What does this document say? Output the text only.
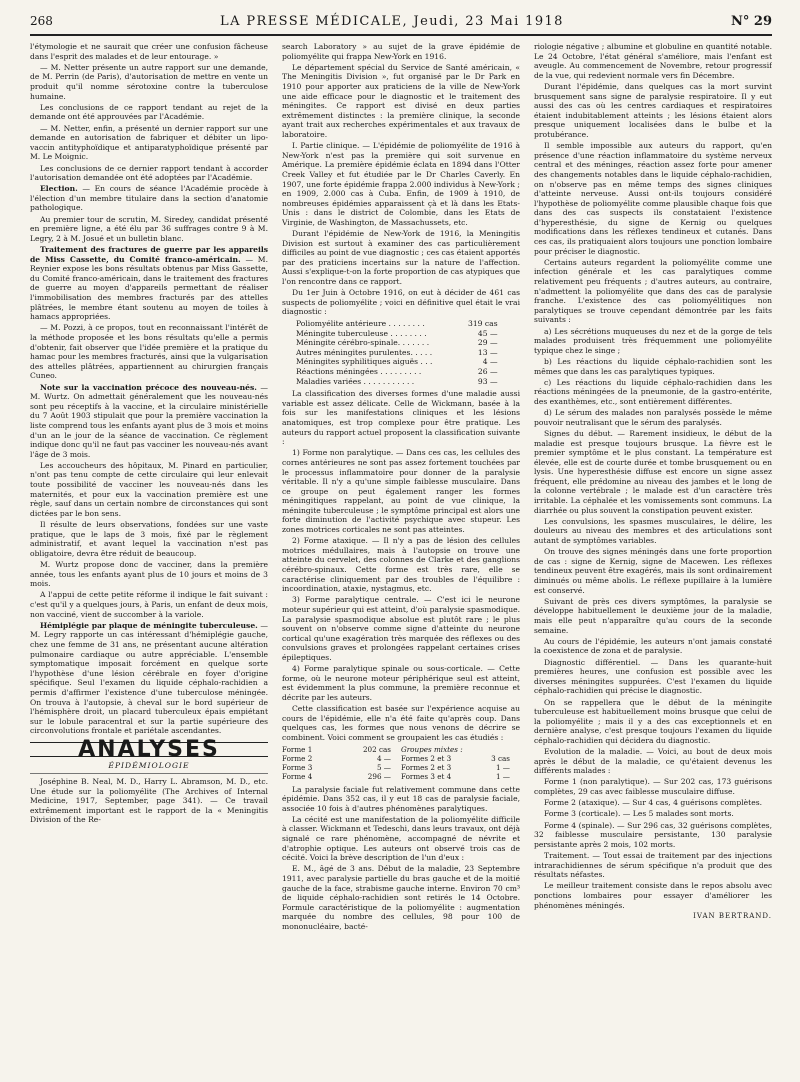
268	LA PRESSE MÉDICALE, Jeudi, 23 Mai 1918	N° 29

l'étymologie et ne saurait que créer une confusion fâcheuse dans l'esprit des malades et de leur entourage. »

— M. Netter présente un autre rapport sur une demande, de M. Perrin (de Paris), d'autorisation de mettre en vente un produit qu'il nomme sérotoxine contre la tuberculose humaine.

Les conclusions de ce rapport tendant au rejet de la demande ont été approuvées par l'Académie.

— M. Netter, enfin, a présenté un dernier rapport sur une demande en autorisation de fabriquer et débiter un lipo-vaccin antityphoïdique et antiparatyphoïdique présenté par M. Le Moignic.

Les conclusions de ce dernier rapport tendant à accorder l'autorisation demandée ont été adoptées par l'Académie.

Election. — En cours de séance l'Académie procède à l'élection d'un membre titulaire dans la section d'anatomie pathologique.

Au premier tour de scrutin, M. Siredey, candidat présenté en première ligne, a été élu par 36 suffrages contre 9 à M. Legry, 2 à M. Josué et un bulletin blanc.

Traitement des fractures de guerre par les appareils de Miss Cassette, du Comité franco-américain. — M. Reynier expose les bons résultats obtenus par Miss Gassette, du Comité franco-américain, dans le traitement des fractures de guerre au moyen d'appareils permettant de réaliser l'immobilisation des membres fracturés par des attelles plâtrées, le membre étant soutenu au moyen de toiles à hamacs appropriées.

— M. Pozzi, à ce propos, tout en reconnaissant l'intérêt de la méthode proposée et les bons résultats qu'elle a permis d'obtenir, fait observer que l'idée première et la pratique du hamac pour les membres fracturés, ainsi que la vulgarisation des attelles plâtrées, appartiennent au chirurgien français Cuneo.

Note sur la vaccination précoce des nouveau-nés. — M. Wurtz. On admettait généralement que les nouveau-nés sont peu réceptifs à la vaccine, et la circulaire ministérielle du 7 Août 1903 stipulait que pour la première vaccination la liste comprend tous les enfants ayant plus de 3 mois et moins d'un an le jour de la séance de vaccination. Ce règlement indique donc qu'il ne faut pas vacciner les nouveau-nés avant l'âge de 3 mois.

Les accoucheurs des hôpitaux, M. Pinard en particulier, n'ont pas tenu compte de cette circulaire qui leur enlevait toute possibilité de vacciner les nouveau-nés dans les maternités, et pour eux la vaccination première est une règle, sauf dans un certain nombre de circonstances qui sont dictées par le bon sens.

Il résulte de leurs observations, fondées sur une vaste pratique, que le laps de 3 mois, fixé par le règlement administratif, et avant lequel la vaccination n'est pas obligatoire, devra être réduit de beaucoup.

M. Wurtz propose donc de vacciner, dans la première année, tous les enfants ayant plus de 10 jours et moins de 3 mois.

A l'appui de cette petite réforme il indique le fait suivant : c'est qu'il y a quelques jours, à Paris, un enfant de deux mois, non vacciné, vient de succomber à la variole.

Hémiplégie par plaque de méningite tuberculeuse. — M. Legry rapporte un cas intéressant d'hémiplégie gauche, chez une femme de 31 ans, ne présentant aucune altération pulmonaire cardiaque ou autre appréciable. L'ensemble symptomatique imposait forcément en quelque sorte l'hypothèse d'une lésion cérébrale en foyer d'origine spécifique. Seul l'examen du liquide céphalo-rachidien a permis d'affirmer l'existence d'une tuberculose méningée. On trouva à l'autopsie, à cheval sur le bord supérieur de l'hémisphère droit, un placard tuberculeux épais empiétant sur le lobule paracentral et sur la partie supérieure des circonvolutions frontale et pariétale ascendantes.

ANALYSES
ÉPIDÉMIOLOGIE

Joséphine B. Neal, M. D., Harry L. Abramson, M. D., etc. Une étude sur la poliomyélite (The Archives of Internal Medicine, 1917, September, page 341). — Ce travail extrêmement important est le rapport de la « Meningitis Division of the Re-

search Laboratory » au sujet de la grave épidémie de poliomyélite qui frappa New-York en 1916.

Le département spécial du Service de Santé américain, « The Meningitis Division », fut organisé par le Dr Park en 1910 pour apporter aux praticiens de la ville de New-York une aide efficace pour le diagnostic et le traitement des méningites. Ce rapport est divisé en deux parties extrêmement distinctes : la première clinique, la seconde ayant trait aux recherches expérimentales et aux travaux de laboratoire.

I. Partie clinique. — L'épidémie de poliomyélite de 1916 à New-York n'est pas la première qui soit survenue en Amérique. La première épidémie éclata en 1894 dans l'Otter Creek Valley et fut étudiée par le Dr Charles Caverly. En 1907, une forte épidémie frappa 2.000 individus à New-York ; en 1909, 2.000 cas à Cuba. Enfin, de 1909 à 1910, de nombreuses épidémies apparaissent çà et là dans les Etats-Unis : dans le district de Colombie, dans les Etats de Virginie, de Washington, de Massachussets, etc.

Durant l'épidémie de New-York de 1916, la Meningitis Division est surtout à examiner des cas particulièrement difficiles au point de vue diagnostic ; ces cas étaient apportés par des praticiens incertains sur la nature de l'affection. Aussi s'explique-t-on la forte proportion de cas atypiques que l'on rencontre dans ce rapport.

Du 1er Juin à Octobre 1916, on eut à décider de 461 cas suspects de poliomyélite ; voici en définitive quel était le vrai diagnostic :

Poliomyélite antérieure . . . . . . . .	319 cas
Méningite tuberculeuse . . . . . . . .	45 —
Méningite cérébro-spinale. . . . . . .	29 —
Autres méningites purulentes. . . . .	13 —
Méningites syphilitiques aiguës . . .	4 —
Réactions méningées . . . . . . . . .	26 —
Maladies variées . . . . . . . . . . .	93 —

La classification des diverses formes d'une maladie aussi variable est assez délicate. Celle de Wickmann, basée à la fois sur les manifestations cliniques et les lésions anatomiques, est trop complexe pour être pratique. Les auteurs du rapport actuel proposent la classification suivante :

1) Forme non paralytique. — Dans ces cas, les cellules des cornes antérieures ne sont pas assez fortement touchées par le processus inflammatoire pour donner de la paralysie véritable. Il n'y a qu'une simple faiblesse musculaire. Dans ce groupe on peut également ranger les formes méningitiques rappelant, au point de vue clinique, la méningite tuberculeuse ; le symptôme principal est alors une forte diminution de l'activité psychique avec stupeur. Les zones motrices corticales ne sont pas atteintes.

2) Forme ataxique. — Il n'y a pas de lésion des cellules motrices médullaires, mais à l'autopsie on trouve une atteinte du cervelet, des colonnes de Clarke et des ganglions cérébro-spinaux. Cette forme est très rare, elle se caractérise cliniquement par des troubles de l'équilibre : incoordination, ataxie, nystagmus, etc.

3) Forme paralytique centrale. — C'est ici le neurone moteur supérieur qui est atteint, d'où paralysie spasmodique. La paralysie spasmodique absolue est plutôt rare ; le plus souvent on n'observe comme signe d'atteinte du neurone cortical qu'une exagération très marquée des réflexes ou des convulsions graves et prolongées rappelant certaines crises épileptiques.

4) Forme paralytique spinale ou sous-corticale. — Cette forme, où le neurone moteur périphérique seul est atteint, est évidemment la plus commune, la première reconnue et décrite par les auteurs.

Cette classification est basée sur l'expérience acquise au cours de l'épidémie, elle n'a été faite qu'après coup. Dans quelques cas, les formes que nous venons de décrire se combinent. Voici comment se groupaient les cas étudiés :

Forme 1	202 cas
Forme 2	4 —
Forme 3	5 —
Forme 4	296 —
Groupes mixtes :
Formes 2 et 3	3 cas
Formes 2 et 3	1 —
Formes 3 et 4	1 —

La paralysie faciale fut relativement commune dans cette épidémie. Dans 352 cas, il y eut 18 cas de paralysie faciale, associée 10 fois à d'autres phénomènes paralytiques.

La cécité est une manifestation de la poliomyélite difficile à classer. Wickmann et Tedeschi, dans leurs travaux, ont déjà signalé ce rare phénomène, accompagné de névrite et d'atrophie optique. Les auteurs ont observé trois cas de cécité. Voici la brève description de l'un d'eux :

E. M., âgé de 3 ans. Début de la maladie, 23 Septembre 1911, avec paralysie partielle du bras gauche et de la moitié gauche de la face, strabisme gauche interne. Environ 70 cm³ de liquide céphalo-rachidien sont retirés le 14 Octobre. Formule caractéristique de la poliomyélite : augmentation marquée du nombre des cellules, 98 pour 100 de mononucléaire, bacté-

riologie négative ; albumine et globuline en quantité notable. Le 24 Octobre, l'état général s'améliore, mais l'enfant est aveugle. Au commencement de Novembre, retour progressif de la vue, qui redevient normale vers fin Décembre.

Durant l'épidémie, dans quelques cas la mort survint brusquement sans signe de paralysie respiratoire. Il y eut aussi des cas où les centres cardiaques et respiratoires étaient indubitablement atteints ; les lésions étaient alors presque uniquement localisées dans le bulbe et la protubérance.

Il semble impossible aux auteurs du rapport, qu'en présence d'une réaction inflammatoire du système nerveux central et des méninges, réaction assez forte pour amener des changements notables dans le liquide céphalo-rachidien, on n'observe pas en même temps des signes cliniques d'atteinte nerveuse. Aussi ont-ils toujours considéré l'hypothèse de poliomyélite comme plausible chaque fois que dans des cas suspects ils constataient l'existence d'hyperesthésie, du signe de Kernig ou quelques modifications dans les réflexes tendineux et cutanés. Dans ces cas, ils pratiquaient alors toujours une ponction lombaire pour préciser le diagnostic.

Certains auteurs regardent la poliomyélite comme une infection générale et les cas paralytiques comme relativement peu fréquents ; d'autres auteurs, au contraire, n'admettent la poliomyélite que dans des cas de paralysie franche. L'existence des cas poliomyélitiques non paralytiques se trouve cependant démontrée par les faits suivants :

a) Les sécrétions muqueuses du nez et de la gorge de tels malades produisent très fréquemment une poliomyélite typique chez le singe ;

b) Les réactions du liquide céphalo-rachidien sont les mêmes que dans les cas paralytiques typiques.

c) Les réactions du liquide céphalo-rachidien dans les réactions méningées de la pneumonie, de la gastro-entérite, des exanthèmes, etc., sont entièrement différentes.

d) Le sérum des malades non paralysés possède le même pouvoir neutralisant que le sérum des paralysés.

Signes du début. — Rarement insidieux, le début de la maladie est presque toujours brusque. La fièvre est le premier symptôme et le plus constant. La température est élevée, elle est de courte durée et tombe brusquement ou en lysis. Une hyperesthésie diffuse est encore un signe assez fréquent, elle prédomine au niveau des jambes et le long de la colonne vertébrale ; le malade est d'un caractère très irritable. La céphalée et les vomissements sont communs. La diarrhée ou plus souvent la constipation peuvent exister.

Les convulsions, les spasmes musculaires, le délire, les douleurs au niveau des membres et des articulations sont autant de symptômes variables.

On trouve des signes méningés dans une forte proportion de cas : signe de Kernig, signe de Macewen. Les réflexes tendineux peuvent être exagérés, mais ils sont ordinairement diminués ou même abolis. Le réflexe pupillaire à la lumière est conservé.

Suivant de près ces divers symptômes, la paralysie se développe habituellement le deuxième jour de la maladie, mais elle peut n'apparaître qu'au cours de la seconde semaine.

Au cours de l'épidémie, les auteurs n'ont jamais constaté la coexistence de zona et de paralysie.

Diagnostic différentiel. — Dans les quarante-huit premières heures, une confusion est possible avec les diverses méningites suppurées. C'est l'examen du liquide céphalo-rachidien qui précise le diagnostic.

On se rappellera que le début de la méningite tuberculeuse est habituellement moins brusque que celui de la poliomyélite ; mais il y a des cas exceptionnels et en dernière analyse, c'est presque toujours l'examen du liquide céphalo-rachidien qui décidera du diagnostic.

Evolution de la maladie. — Voici, au bout de deux mois après le début de la maladie, ce qu'étaient devenus les différents malades :

Forme 1 (non paralytique). — Sur 202 cas, 173 guérisons complètes, 29 cas avec faiblesse musculaire diffuse.

Forme 2 (ataxique). — Sur 4 cas, 4 guérisons complètes.

Forme 3 (corticale). — Les 5 malades sont morts.

Forme 4 (spinale). — Sur 296 cas, 32 guérisons complètes, 32 faiblesse musculaire persistante, 130 paralysie persistante après 2 mois, 102 morts.

Traitement. — Tout essai de traitement par des injections intrarachidiennes de sérum spécifique n'a produit que des résultats néfastes.

Le meilleur traitement consiste dans le repos absolu avec ponctions lombaires pour essayer d'améliorer les phénomènes méningés.

IVAN BERTRAND.
